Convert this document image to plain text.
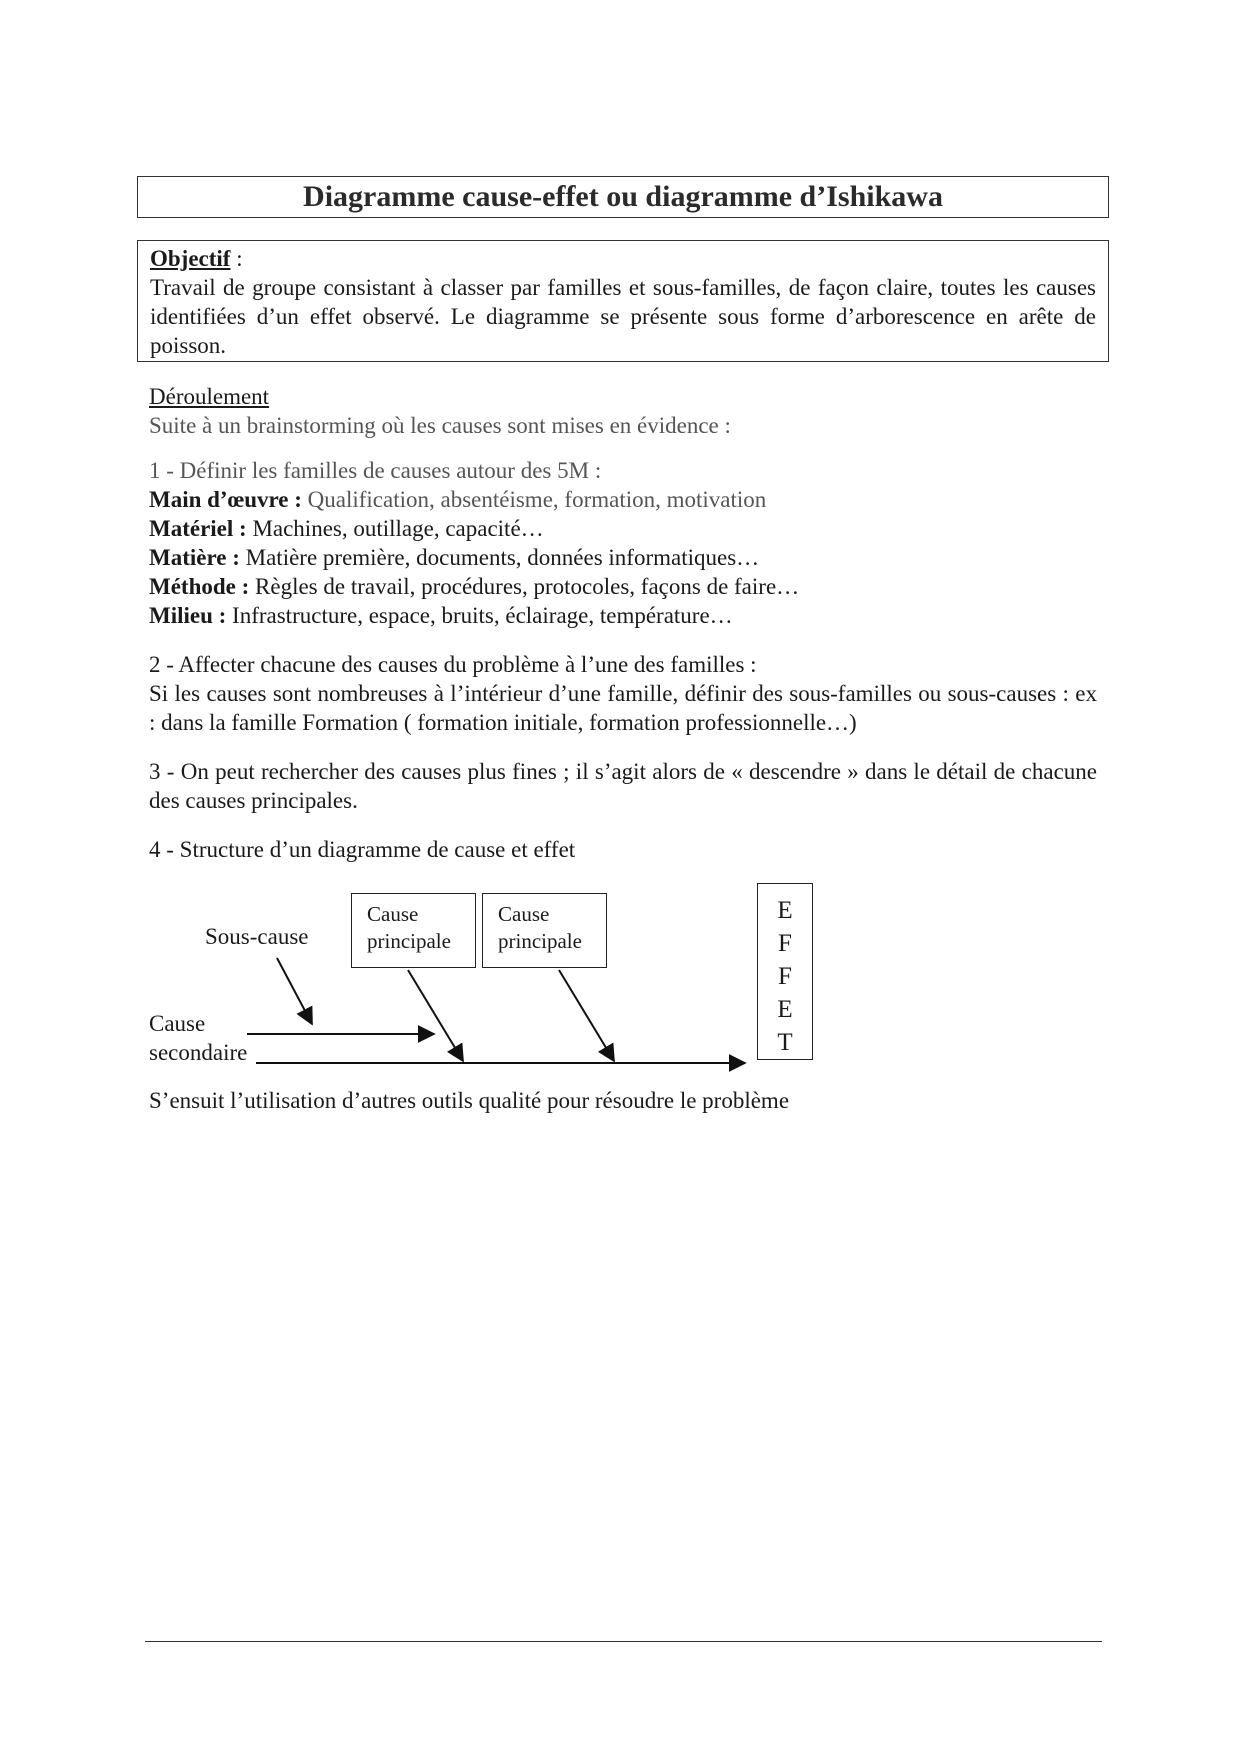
Diagramme cause-effet ou diagramme d’Ishikawa
Objectif :
Travail de groupe consistant à classer par familles et sous-familles, de façon claire, toutes les causes identifiées d’un effet observé. Le diagramme se présente sous forme d’arborescence en arête de poisson.
Déroulement
Suite à un brainstorming où les causes sont mises en évidence :
1 - Définir les familles de causes autour des 5M :
Main d’œuvre : Qualification, absentéisme, formation, motivation
Matériel : Machines, outillage, capacité…
Matière : Matière première, documents, données informatiques…
Méthode : Règles de travail, procédures, protocoles, façons de faire…
Milieu : Infrastructure, espace, bruits, éclairage, température…
2 - Affecter chacune des causes du problème à l’une des familles :
Si les causes sont nombreuses à l’intérieur d’une famille, définir des sous-familles ou sous-causes : ex : dans la famille Formation ( formation initiale, formation professionnelle…)
3 - On peut rechercher des causes plus fines ; il s’agit alors de « descendre » dans le détail de chacune des causes principales.
4 - Structure d’un diagramme de cause et effet
Sous-cause
Cause
secondaire
Cause
principale
Cause
principale
E
F
F
E
T
S’ensuit l’utilisation d’autres outils qualité pour résoudre le problème
